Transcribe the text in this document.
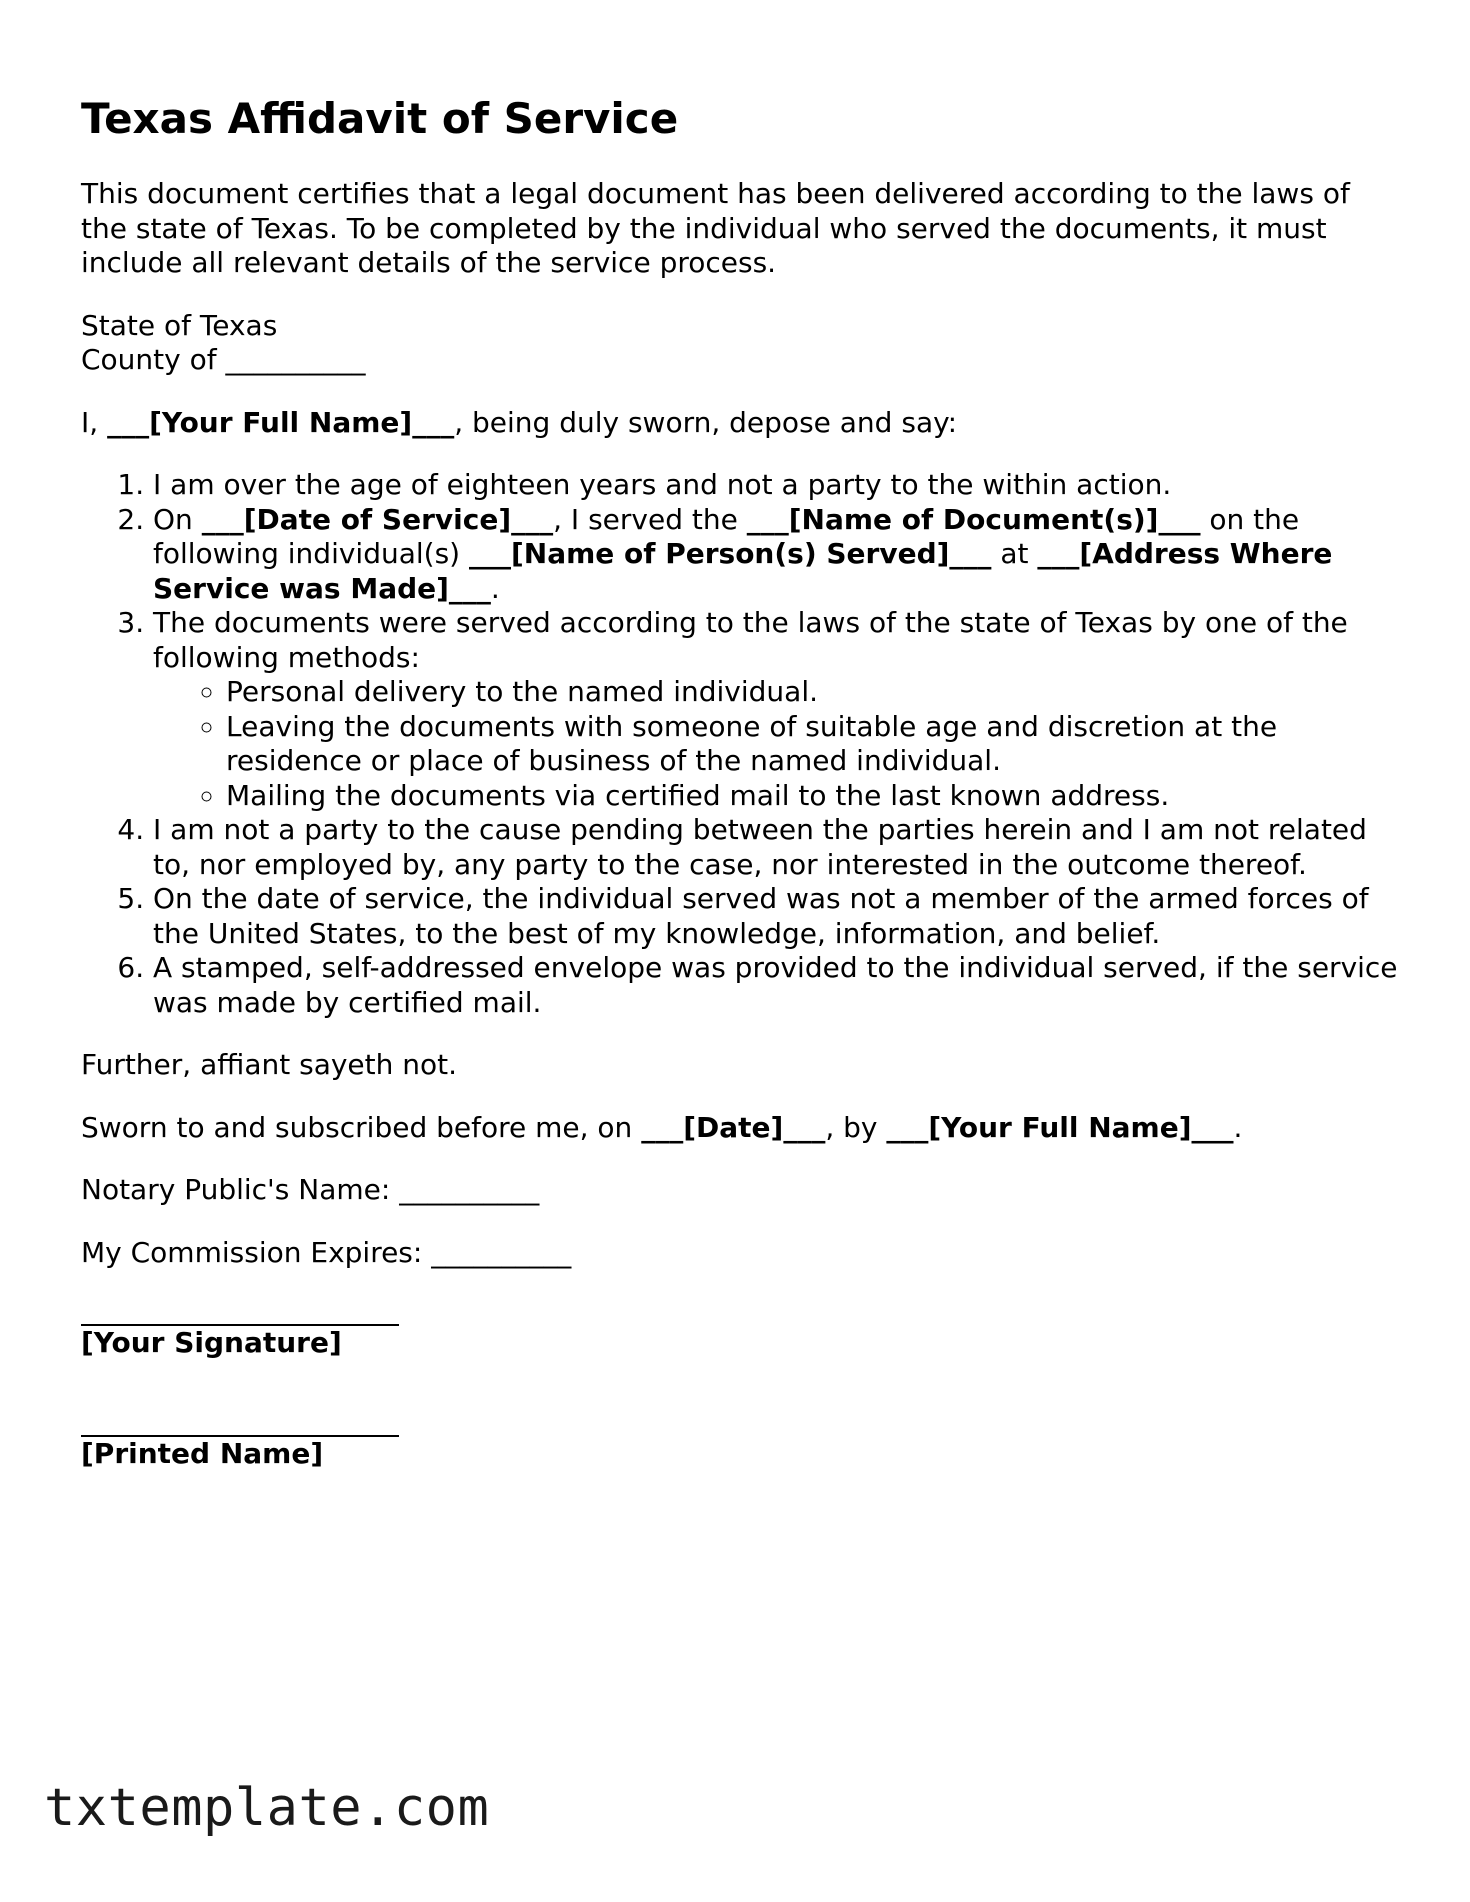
Texas Affidavit of Service

This document certifies that a legal document has been delivered according to the laws of the state of Texas. To be completed by the individual who served the documents, it must include all relevant details of the service process.

State of Texas
County of __________

I, ___[Your Full Name]___, being duly sworn, depose and say:

1. I am over the age of eighteen years and not a party to the within action.
2. On ___[Date of Service]___, I served the ___[Name of Document(s)]___ on the following individual(s) ___[Name of Person(s) Served]___ at ___[Address Where Service was Made]___.
3. The documents were served according to the laws of the state of Texas by one of the following methods:
◦ Personal delivery to the named individual.
◦ Leaving the documents with someone of suitable age and discretion at the residence or place of business of the named individual.
◦ Mailing the documents via certified mail to the last known address.
4. I am not a party to the cause pending between the parties herein and I am not related to, nor employed by, any party to the case, nor interested in the outcome thereof.
5. On the date of service, the individual served was not a member of the armed forces of the United States, to the best of my knowledge, information, and belief.
6. A stamped, self-addressed envelope was provided to the individual served, if the service was made by certified mail.

Further, affiant sayeth not.

Sworn to and subscribed before me, on ___[Date]___, by ___[Your Full Name]___.

Notary Public's Name: __________

My Commission Expires: __________

[Your Signature]
[Printed Name]
txtemplate.com
